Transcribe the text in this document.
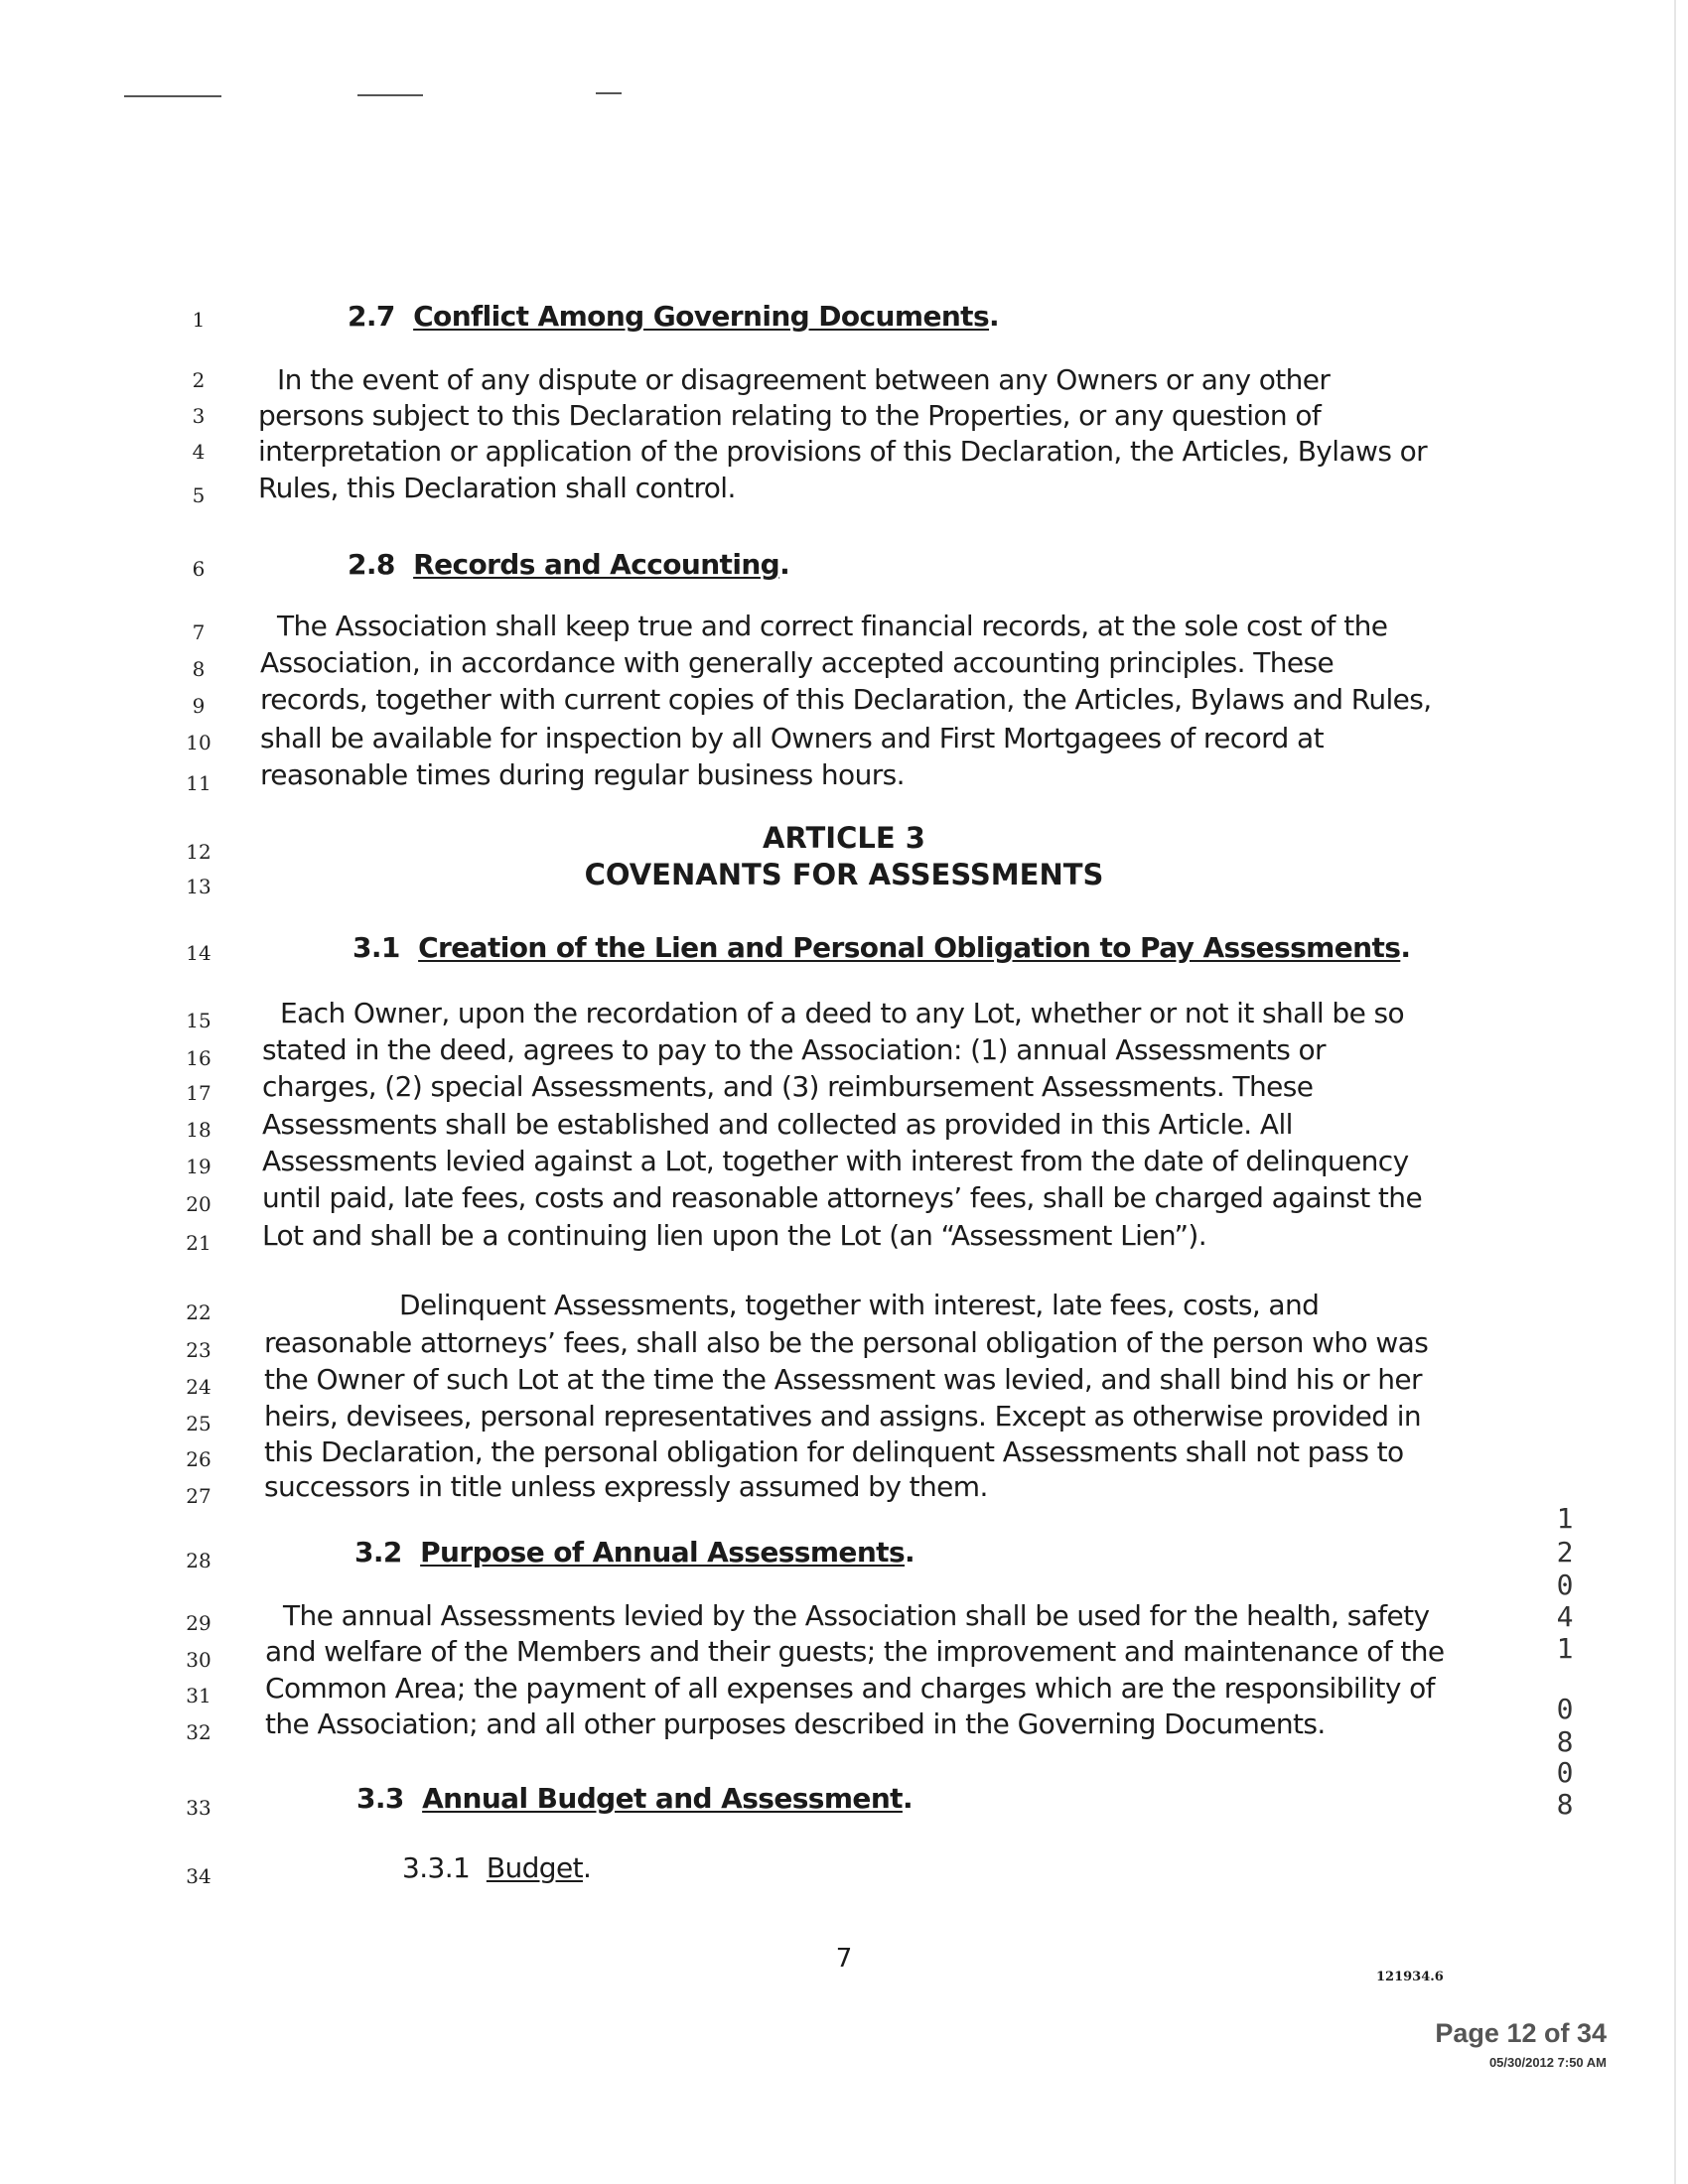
1	2.7 Conflict Among Governing Documents.
2	In the event of any dispute or disagreement between any Owners or any other
3	persons subject to this Declaration relating to the Properties, or any question of
4	interpretation or application of the provisions of this Declaration, the Articles, Bylaws or
5	Rules, this Declaration shall control.
6	2.8 Records and Accounting.
7	The Association shall keep true and correct financial records, at the sole cost of the
8	Association, in accordance with generally accepted accounting principles. These
9	records, together with current copies of this Declaration, the Articles, Bylaws and Rules,
10	shall be available for inspection by all Owners and First Mortgagees of record at
11	reasonable times during regular business hours.
12	ARTICLE 3
13	COVENANTS FOR ASSESSMENTS
14	3.1 Creation of the Lien and Personal Obligation to Pay Assessments.
15	Each Owner, upon the recordation of a deed to any Lot, whether or not it shall be so
16	stated in the deed, agrees to pay to the Association: (1) annual Assessments or
17	charges, (2) special Assessments, and (3) reimbursement Assessments. These
18	Assessments shall be established and collected as provided in this Article. All
19	Assessments levied against a Lot, together with interest from the date of delinquency
20	until paid, late fees, costs and reasonable attorneys’ fees, shall be charged against the
21	Lot and shall be a continuing lien upon the Lot (an “Assessment Lien”).
22	Delinquent Assessments, together with interest, late fees, costs, and
23	reasonable attorneys’ fees, shall also be the personal obligation of the person who was
24	the Owner of such Lot at the time the Assessment was levied, and shall bind his or her
25	heirs, devisees, personal representatives and assigns. Except as otherwise provided in
26	this Declaration, the personal obligation for delinquent Assessments shall not pass to
27	successors in title unless expressly assumed by them.
28	3.2 Purpose of Annual Assessments.
29	The annual Assessments levied by the Association shall be used for the health, safety
30	and welfare of the Members and their guests; the improvement and maintenance of the
31	Common Area; the payment of all expenses and charges which are the responsibility of
32	the Association; and all other purposes described in the Governing Documents.
33	3.3 Annual Budget and Assessment.
34	3.3.1 Budget.
1
2
0
4
1
0
8
0
8
7
121934.6
Page 12 of 34
05/30/2012 7:50 AM
